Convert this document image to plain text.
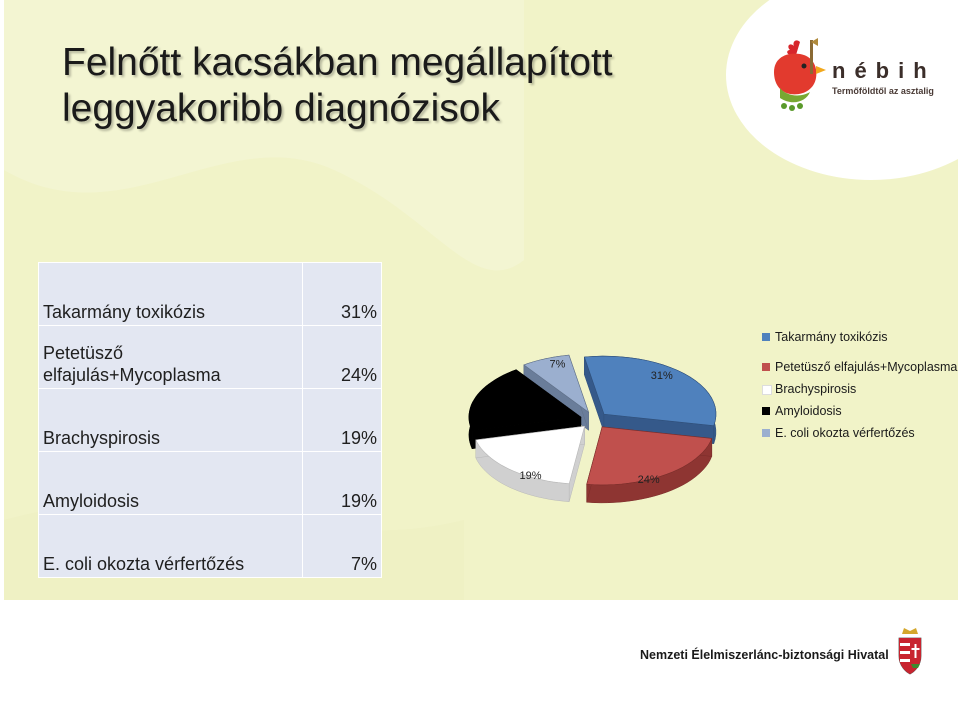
Felnőtt kacsákban megállapított leggyakoribb diagnózisok
nébih
Termőföldtől az asztalig
Takarmány toxikózis	31%
Petetüsző elfajulás+Mycoplasma	24%
Brachyspirosis	19%
Amyloidosis	19%
E. coli okozta vérfertőzés	7%
7%
31%
19%	24%
Takarmány toxikózis
Petetüsző elfajulás+Mycoplasma
Brachyspirosis
Amyloidosis
E. coli okozta vérfertőzés
Nemzeti Élelmiszerlánc-biztonsági Hivatal
